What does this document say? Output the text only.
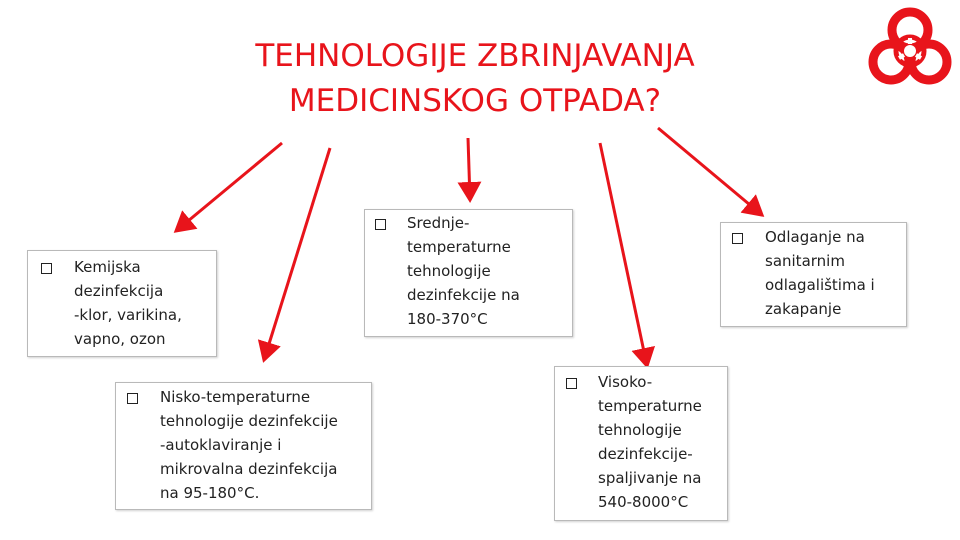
TEHNOLOGIJE ZBRINJAVANJA
MEDICINSKOG OTPADA?
Kemijska
dezinfekcija
-klor, varikina,
vapno, ozon
Srednje-
temperaturne
tehnologije
dezinfekcije na
180-370°C
Odlaganje na
sanitarnim
odlagalištima i
zakapanje
Nisko-temperaturne
tehnologije dezinfekcije
-autoklaviranje i
mikrovalna dezinfekcija
na 95-180°C.
Visoko-
temperaturne
tehnologije
dezinfekcije-
spaljivanje na
540-8000°C
